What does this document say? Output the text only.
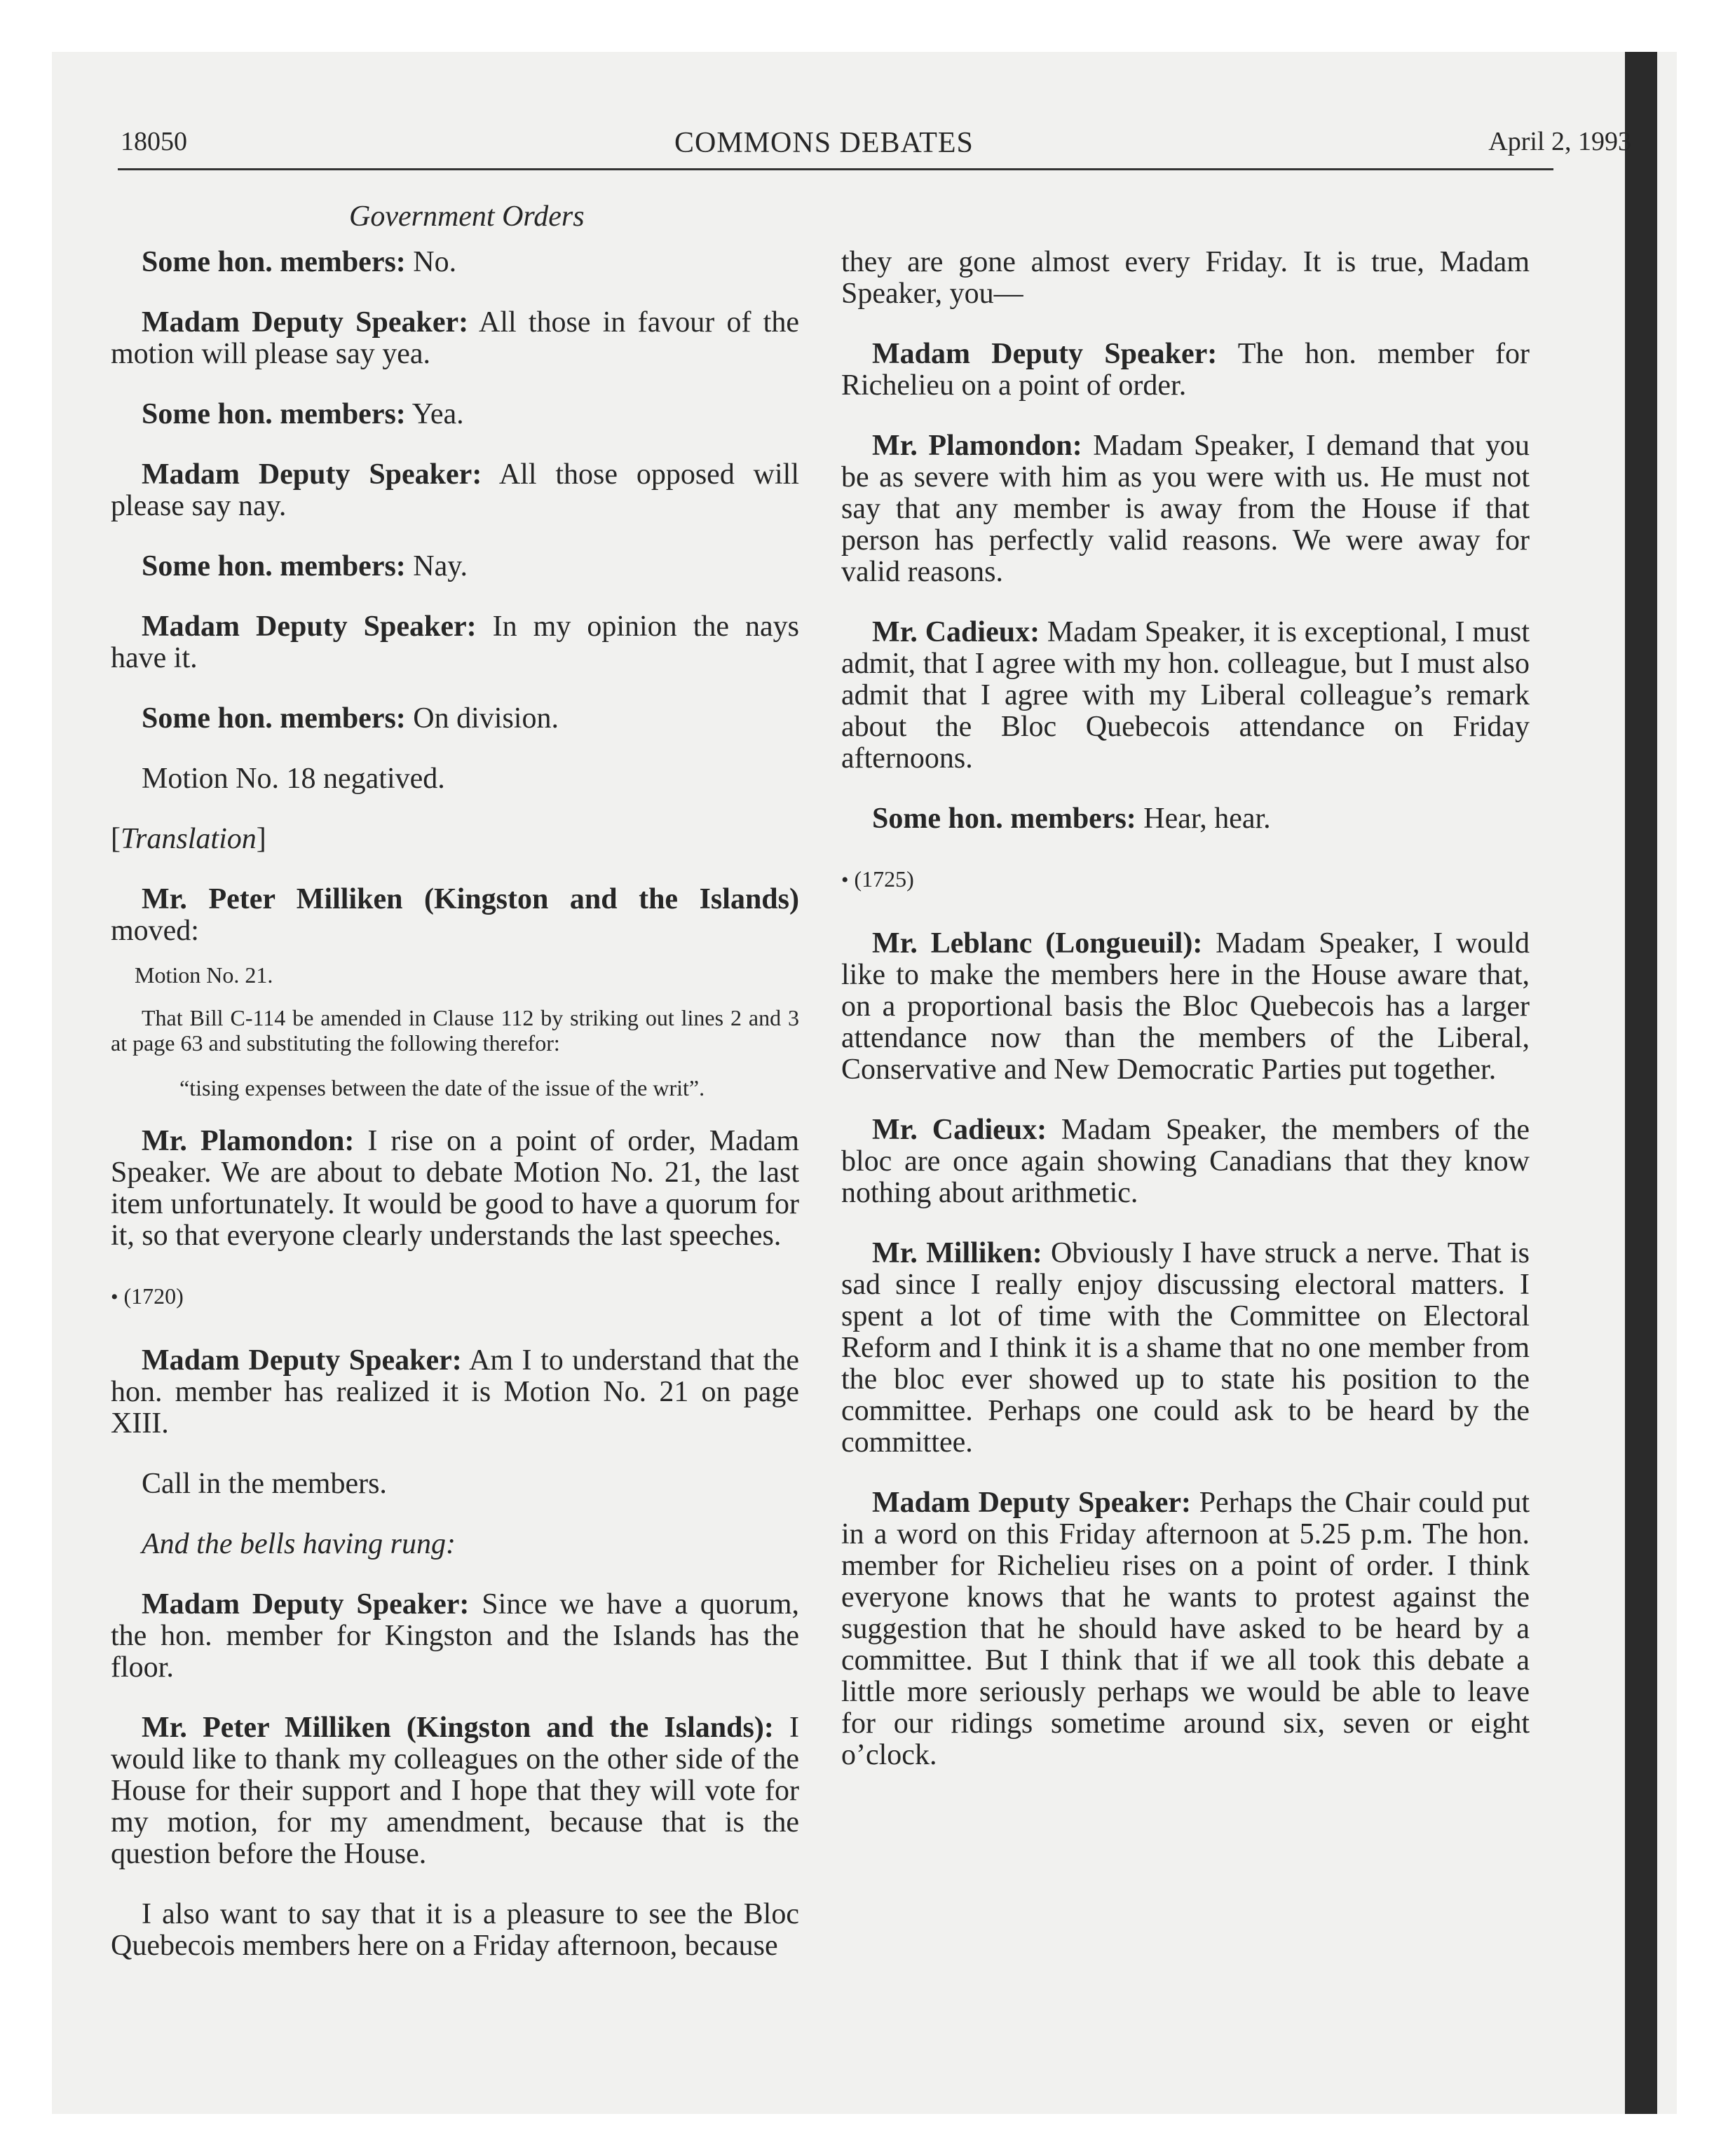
18050	COMMONS DEBATES	April 2, 1993
Government Orders

Some hon. members: No.

Madam Deputy Speaker: All those in favour of the motion will please say yea.

Some hon. members: Yea.

Madam Deputy Speaker: All those opposed will please say nay.

Some hon. members: Nay.

Madam Deputy Speaker: In my opinion the nays have it.

Some hon. members: On division.

Motion No. 18 negatived.

[Translation]

Mr. Peter Milliken (Kingston and the Islands) moved:

Motion No. 21.

That Bill C-114 be amended in Clause 112 by striking out lines 2 and 3 at page 63 and substituting the following therefor:

“tising expenses between the date of the issue of the writ”.

Mr. Plamondon: I rise on a point of order, Madam Speaker. We are about to debate Motion No. 21, the last item unfortunately. It would be good to have a quorum for it, so that everyone clearly understands the last speeches.

• (1720)

Madam Deputy Speaker: Am I to understand that the hon. member has realized it is Motion No. 21 on page XIII.

Call in the members.

And the bells having rung:

Madam Deputy Speaker: Since we have a quorum, the hon. member for Kingston and the Islands has the floor.

Mr. Peter Milliken (Kingston and the Islands): I would like to thank my colleagues on the other side of the House for their support and I hope that they will vote for my motion, for my amendment, because that is the question before the House.

I also want to say that it is a pleasure to see the Bloc Quebecois members here on a Friday afternoon, because

they are gone almost every Friday. It is true, Madam Speaker, you—

Madam Deputy Speaker: The hon. member for Richelieu on a point of order.

Mr. Plamondon: Madam Speaker, I demand that you be as severe with him as you were with us. He must not say that any member is away from the House if that person has perfectly valid reasons. We were away for valid reasons.

Mr. Cadieux: Madam Speaker, it is exceptional, I must admit, that I agree with my hon. colleague, but I must also admit that I agree with my Liberal colleague’s remark about the Bloc Quebecois attendance on Friday afternoons.

Some hon. members: Hear, hear.

• (1725)

Mr. Leblanc (Longueuil): Madam Speaker, I would like to make the members here in the House aware that, on a proportional basis the Bloc Quebecois has a larger attendance now than the members of the Liberal, Conservative and New Democratic Parties put together.

Mr. Cadieux: Madam Speaker, the members of the bloc are once again showing Canadians that they know nothing about arithmetic.

Mr. Milliken: Obviously I have struck a nerve. That is sad since I really enjoy discussing electoral matters. I spent a lot of time with the Committee on Electoral Reform and I think it is a shame that no one member from the bloc ever showed up to state his position to the committee. Perhaps one could ask to be heard by the committee.

Madam Deputy Speaker: Perhaps the Chair could put in a word on this Friday afternoon at 5.25 p.m. The hon. member for Richelieu rises on a point of order. I think everyone knows that he wants to protest against the suggestion that he should have asked to be heard by a committee. But I think that if we all took this debate a little more seriously perhaps we would be able to leave for our ridings sometime around six, seven or eight o’clock.
